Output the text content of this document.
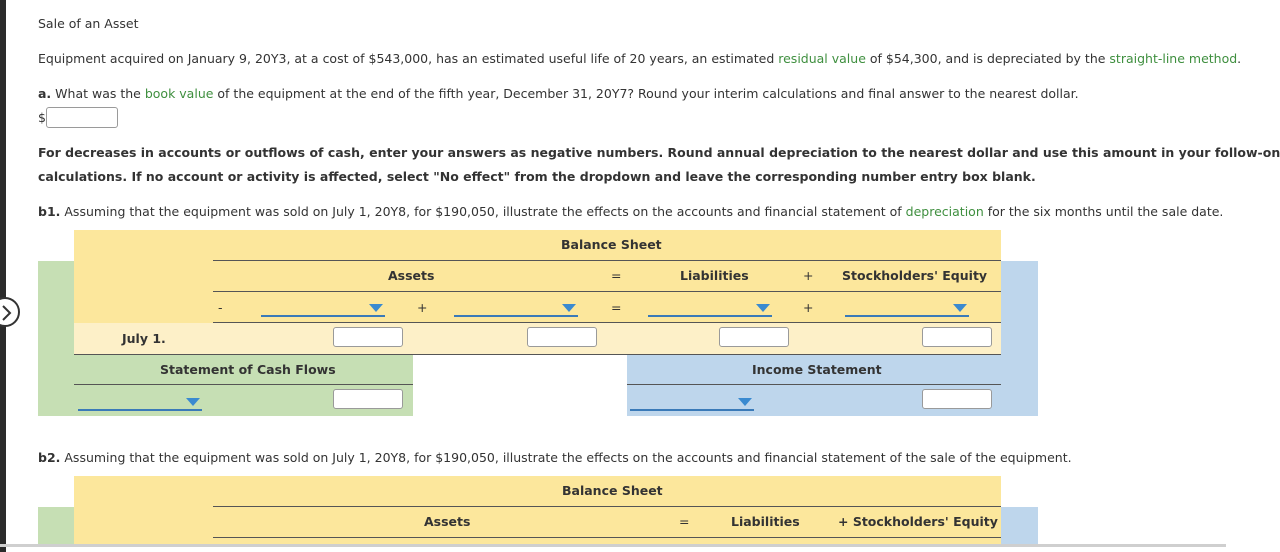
Sale of an Asset
Equipment acquired on January 9, 20Y3, at a cost of $543,000, has an estimated useful life of 20 years, an estimated residual value of $54,300, and is depreciated by the straight-line method.
a. What was the book value of the equipment at the end of the fifth year, December 31, 20Y7? Round your interim calculations and final answer to the nearest dollar.
$
For decreases in accounts or outflows of cash, enter your answers as negative numbers. Round annual depreciation to the nearest dollar and use this amount in your follow-on
calculations. If no account or activity is affected, select "No effect" from the dropdown and leave the corresponding number entry box blank.
b1. Assuming that the equipment was sold on July 1, 20Y8, for $190,050, illustrate the effects on the accounts and financial statement of depreciation for the six months until the sale date.
Balance Sheet
Assets	=	Liabilities	+ Stockholders' Equity
-	+	=	+
July 1.
Statement of Cash Flows	Income Statement
b2. Assuming that the equipment was sold on July 1, 20Y8, for $190,050, illustrate the effects on the accounts and financial statement of the sale of the equipment.
Balance Sheet
Assets	=	Liabilities	+ Stockholders' Equity
